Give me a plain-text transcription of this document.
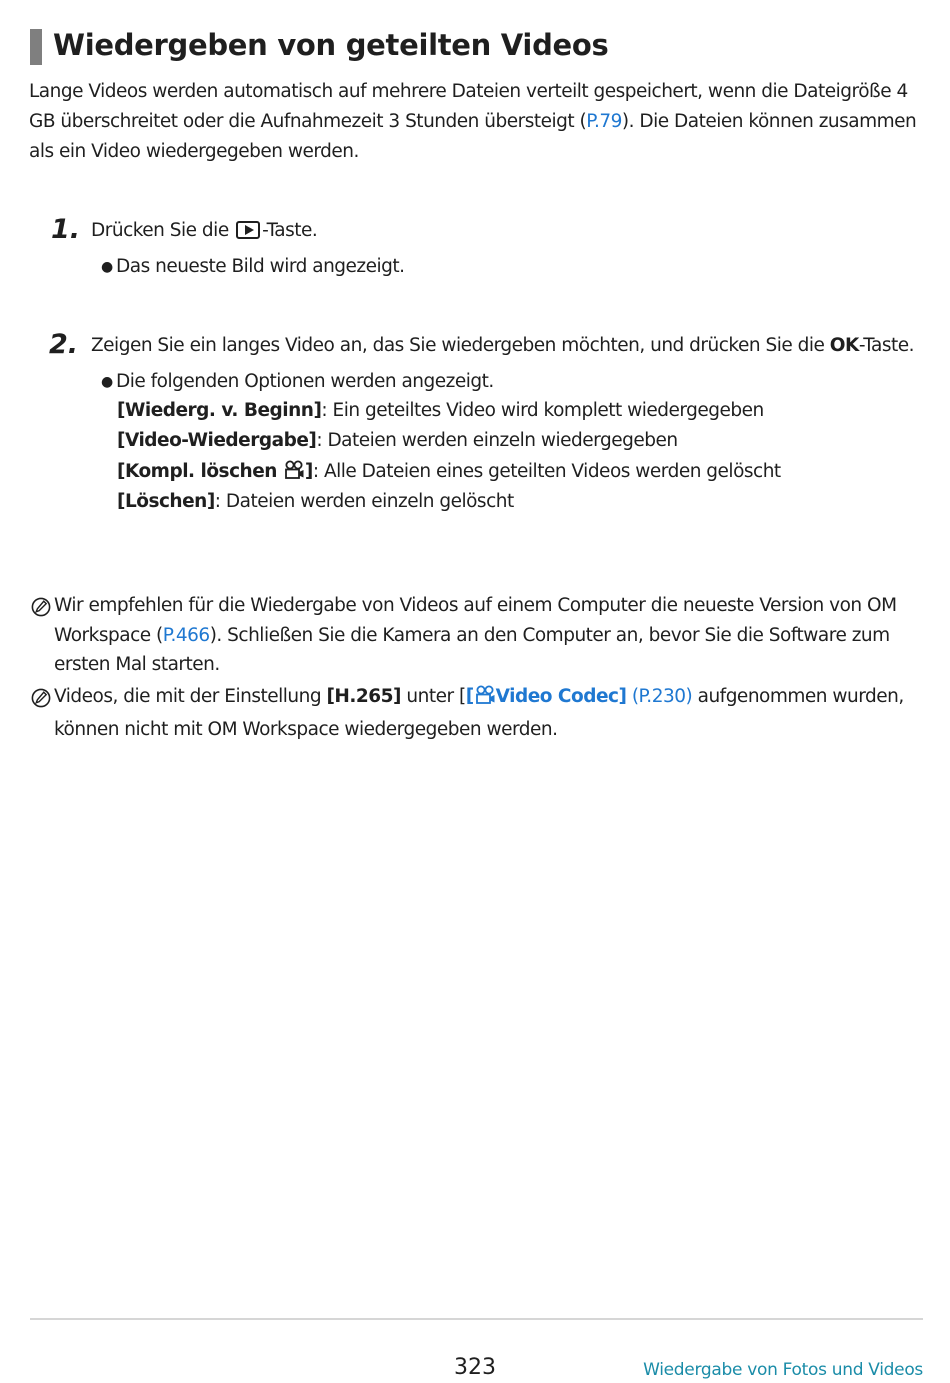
Wiedergeben von geteilten Videos

Lange Videos werden automatisch auf mehrere Dateien verteilt gespeichert, wenn die Dateigröße 4 GB überschreitet oder die Aufnahmezeit 3 Stunden übersteigt (P.79). Die Dateien können zusammen als ein Video wiedergegeben werden.

1. Drücken Sie die -Taste.
● Das neueste Bild wird angezeigt.
2. Zeigen Sie ein langes Video an, das Sie wiedergeben möchten, und drücken Sie die OK-Taste.
● Die folgenden Optionen werden angezeigt.
[Wiederg. v. Beginn]: Ein geteiltes Video wird komplett wiedergegeben
[Video-Wiedergabe]: Dateien werden einzeln wiedergegeben
[Kompl. löschen ]: Alle Dateien eines geteilten Videos werden gelöscht
[Löschen]: Dateien werden einzeln gelöscht
Wir empfehlen für die Wiedergabe von Videos auf einem Computer die neueste Version von OM Workspace (P.466). Schließen Sie die Kamera an den Computer an, bevor Sie die Software zum ersten Mal starten.
Videos, die mit der Einstellung [H.265] unter [[ Video Codec] (P.230) aufgenommen wurden, können nicht mit OM Workspace wiedergegeben werden.
323	Wiedergabe von Fotos und Videos
